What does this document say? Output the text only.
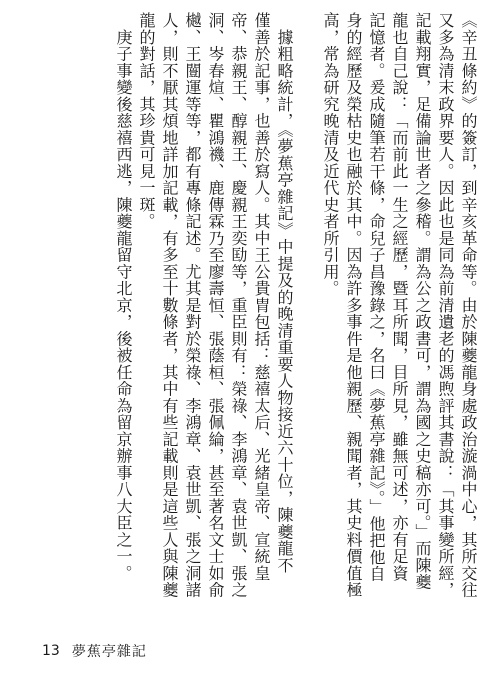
《辛丑條約》的簽訂，到辛亥革命等。由於陳夔龍身處政治漩渦中心，其所交往
又多為清末政界要人。因此也是同為前清遺老的馮煦評其書說：「其事變所經，
記載翔實，足備論世者之參稽。謂為公之政書可，謂為國之史稿亦可。」而陳夔
龍也自己說：「而前此一生之經歷，暨耳所聞，目所見，雖無可述，亦有足資
記憶者。爰成隨筆若干條，命兒子昌豫錄之，名曰《夢蕉亭雜記》。」他把他自
身的經歷及榮枯史也融於其中。因為許多事件是他親歷、親聞者，其史料價值極
高，常為研究晚清及近代史者所引用。
　據粗略統計，《夢蕉亭雜記》中提及的晚清重要人物接近六十位，陳夔龍不
僅善於記事，也善於寫人。其中王公貴胄包括：慈禧太后、光緒皇帝、宣統皇
帝、恭親王、醇親王、慶親王奕劻等，重臣則有：榮祿、李鴻章、袁世凱、張之
洞、岑春煊、瞿鴻禨、鹿傳霖乃至廖壽恒、張蔭桓、張佩綸，甚至著名文士如俞
樾、王闓運等等，都有專條記述。尤其是對於榮祿、李鴻章、袁世凱、張之洞諸
人，則不厭其煩地詳加記載，有多至十數條者，其中有些記載則是這些人與陳夔
龍的對話，其珍貴可見一斑。
　庚子事變後慈禧西逃，陳夔龍留守北京，後被任命為留京辦事八大臣之一。
13 夢蕉亭雜記
